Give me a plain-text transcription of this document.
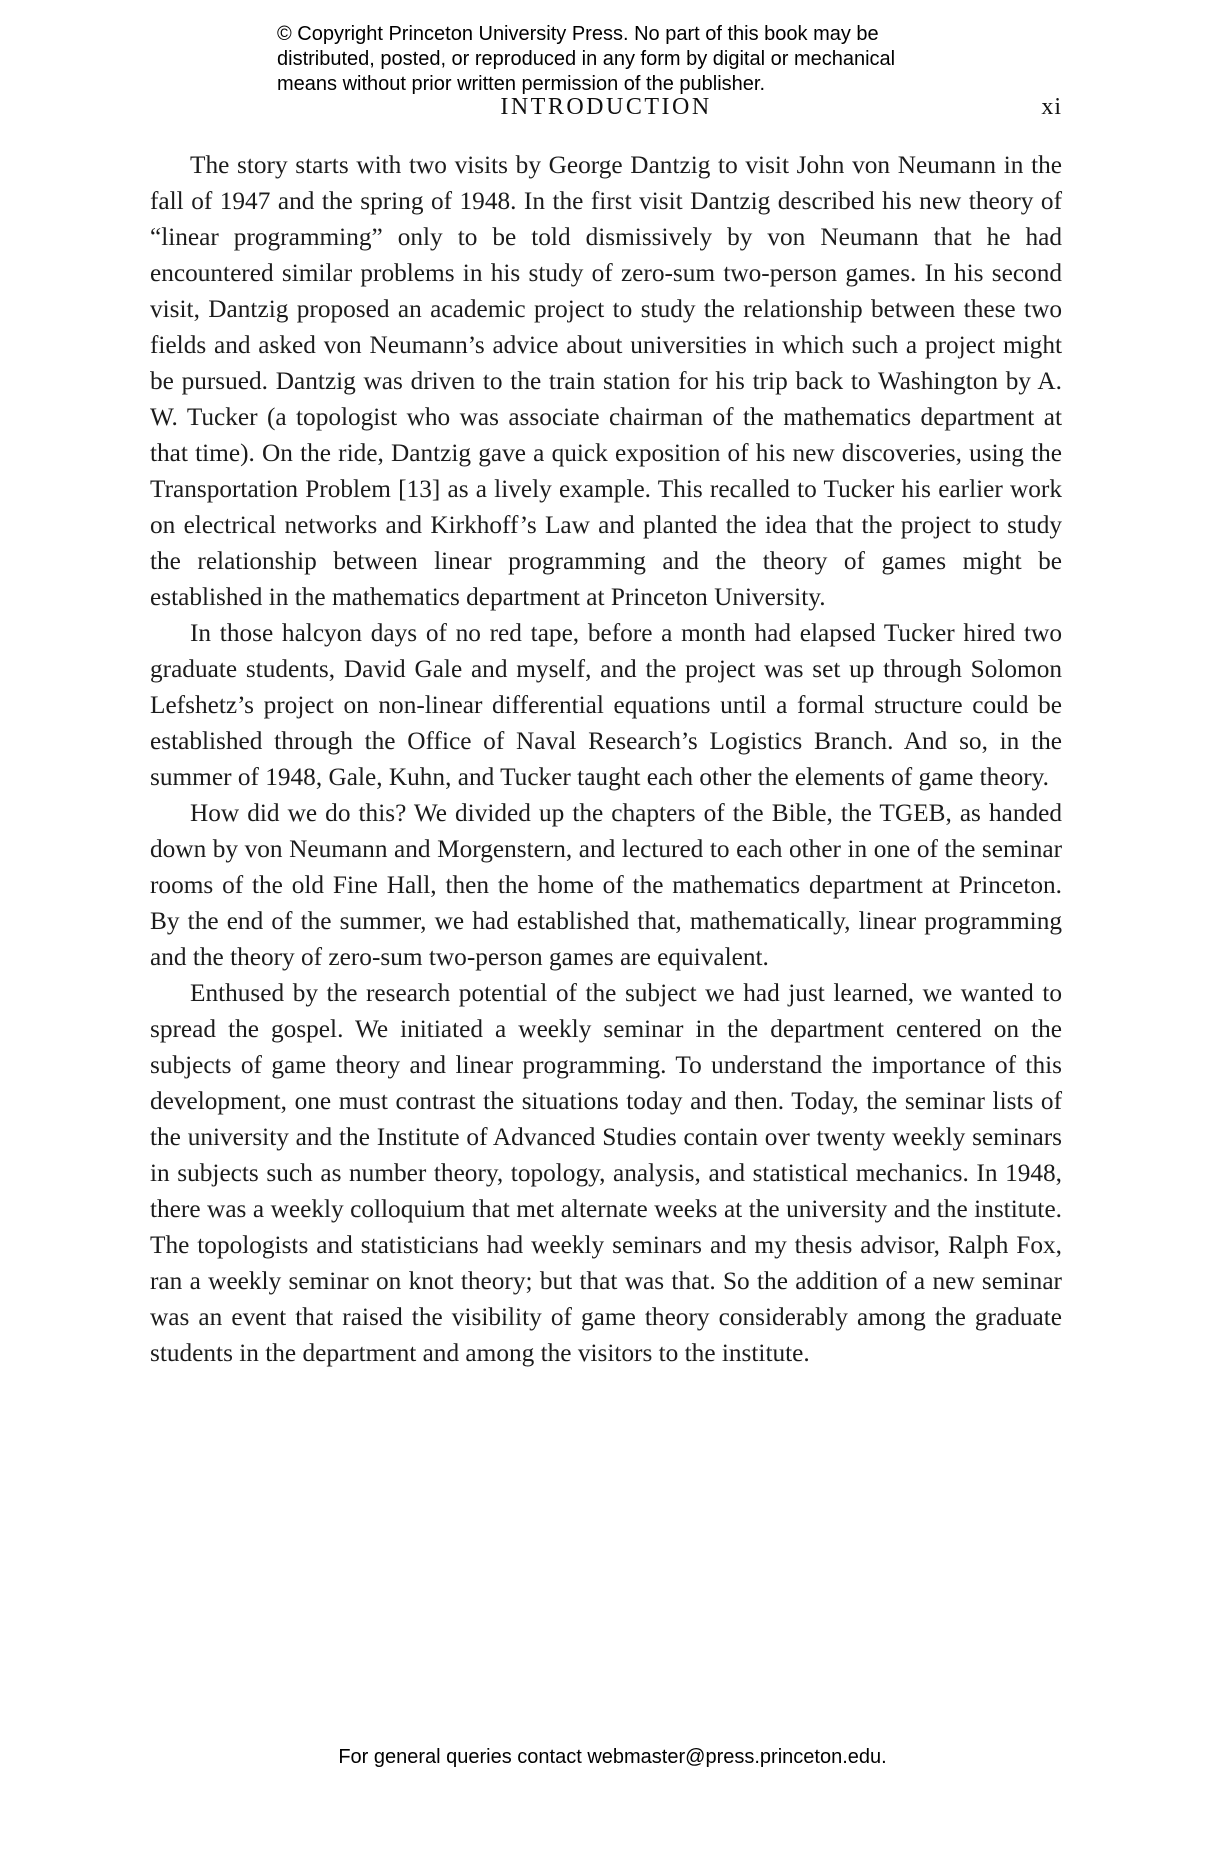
© Copyright Princeton University Press. No part of this book may be
distributed, posted, or reproduced in any form by digital or mechanical
means without prior written permission of the publisher.
INTRODUCTION	xi

The story starts with two visits by George Dantzig to visit John von Neumann in the fall of 1947 and the spring of 1948. In the first visit Dantzig described his new theory of “linear programming” only to be told dismissively by von Neumann that he had encountered similar problems in his study of zero-sum two-person games. In his second visit, Dantzig proposed an academic project to study the relationship between these two fields and asked von Neumann’s advice about universities in which such a project might be pursued. Dantzig was driven to the train station for his trip back to Washington by A. W. Tucker (a topologist who was associate chairman of the mathematics department at that time). On the ride, Dantzig gave a quick exposition of his new discoveries, using the Transportation Problem [13] as a lively example. This recalled to Tucker his earlier work on electrical networks and Kirkhoff’s Law and planted the idea that the project to study the relationship between linear programming and the theory of games might be established in the mathematics department at Princeton University.

In those halcyon days of no red tape, before a month had elapsed Tucker hired two graduate students, David Gale and myself, and the project was set up through Solomon Lefshetz’s project on non-linear differential equations until a formal structure could be established through the Office of Naval Research’s Logistics Branch. And so, in the summer of 1948, Gale, Kuhn, and Tucker taught each other the elements of game theory.

How did we do this? We divided up the chapters of the Bible, the TGEB, as handed down by von Neumann and Morgenstern, and lectured to each other in one of the seminar rooms of the old Fine Hall, then the home of the mathematics department at Princeton. By the end of the summer, we had established that, mathematically, linear programming and the theory of zero-sum two-person games are equivalent.

Enthused by the research potential of the subject we had just learned, we wanted to spread the gospel. We initiated a weekly seminar in the department centered on the subjects of game theory and linear programming. To understand the importance of this development, one must contrast the situations today and then. Today, the seminar lists of the university and the Institute of Advanced Studies contain over twenty weekly seminars in subjects such as number theory, topology, analysis, and statistical mechanics. In 1948, there was a weekly colloquium that met alternate weeks at the university and the institute. The topologists and statisticians had weekly seminars and my thesis advisor, Ralph Fox, ran a weekly seminar on knot theory; but that was that. So the addition of a new seminar was an event that raised the visibility of game theory considerably among the graduate students in the department and among the visitors to the institute.

For general queries contact webmaster@press.princeton.edu.
